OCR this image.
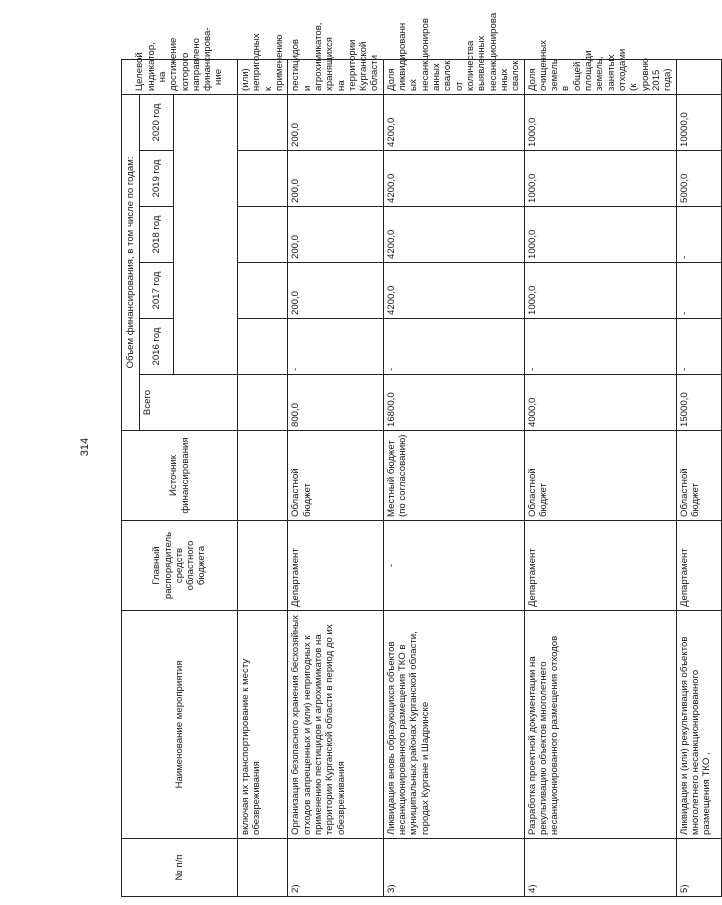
314
№ п/п	Наименование мероприятия	Главный распорядитель средств областного бюджета	Источник финансирования	Объем финансирования, в том числе по годам:						Целевой индикатор, на достижение которого направлено финансирова-ние
				Всего	2016 год	2017 год	2018 год	2019 год	2020 год	

	включая их транспортирование к месту обезвреживания									(или) непригодных к применению
2)	Организация безопасного хранения бесхозяйных отходов запрещенных и (или) непригодных к применению пестицидов и агрохимикатов на территории Курганской области в период до их обезвреживания	Департамент	Областной бюджет	800,0	-	200,0	200,0	200,0	200,0	пестицидов и агрохимикатов, хранящихся на территории Курганской области
3)	Ликвидация вновь образующихся объектов несанкционированного размещения ТКО в муниципальных районах Курганской области, городах Кургане и Шадринске	-	Местный бюджет (по согласованию)	16800,0	-	4200,0	4200,0	4200,0	4200,0	Доля ликвидированн ых несанкциониров анных свалок от количества выявленных несанкционирова нных свалок
4)	Разработка проектной документации на рекультивацию объектов многолетнего несанкционированного размещения отходов	Департамент	Областной бюджет	4000,0	-	1000,0	1000,0	1000,0	1000,0	Доля очищенных земель в общей площади земель, занятых отходами (к уровню 2015 года)
5)	Ликвидация и (или) рекультивация объектов многолетнего несанкционированного размещения ТКО ,	Департамент	Областной бюджет	15000,0	-	-	-	5000,0	10000,0	
